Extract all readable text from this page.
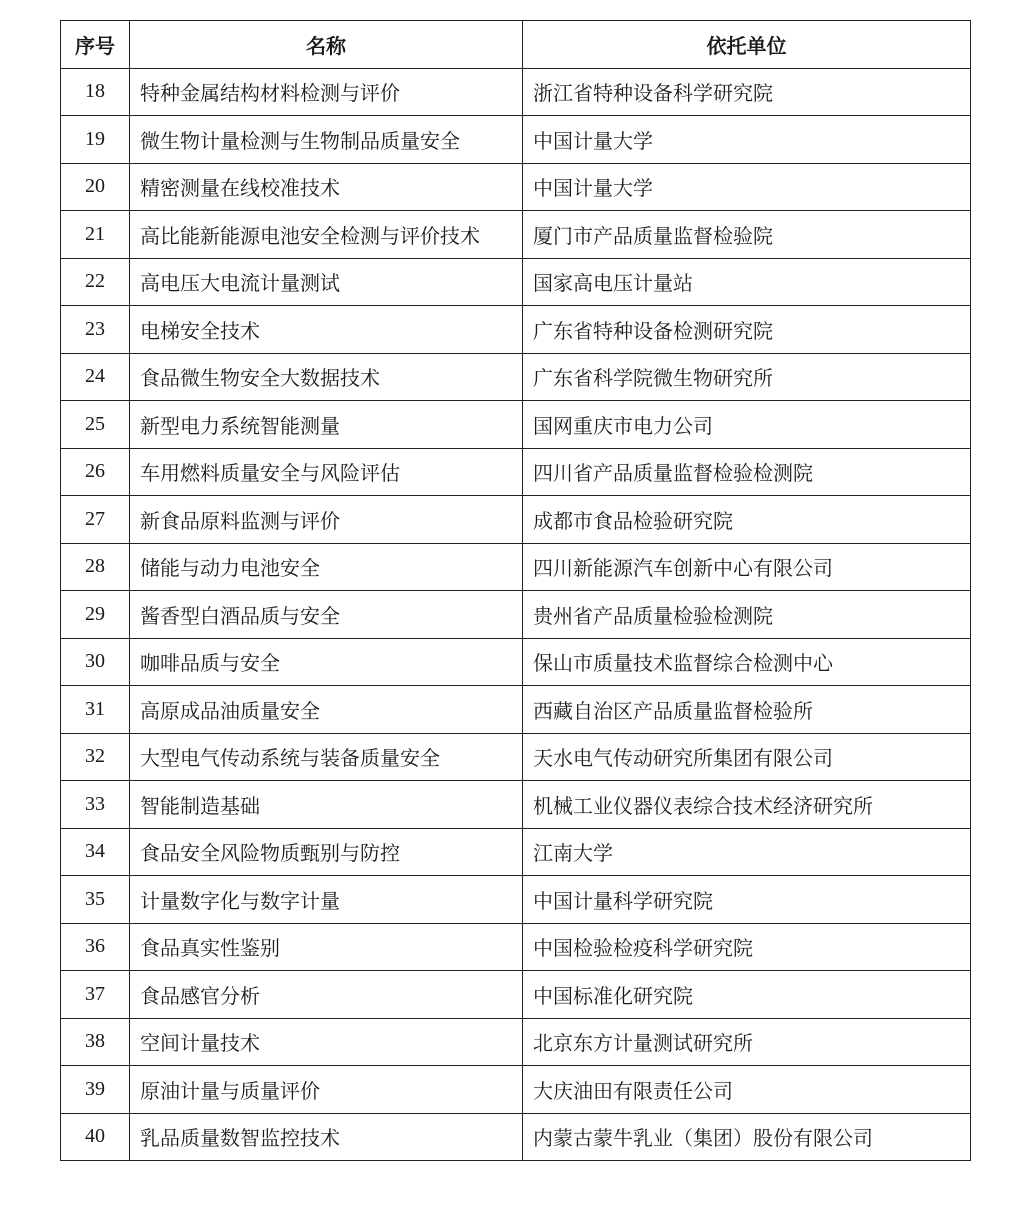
序号	名称	依托单位
18	特种金属结构材料检测与评价	浙江省特种设备科学研究院
19	微生物计量检测与生物制品质量安全	中国计量大学
20	精密测量在线校准技术	中国计量大学
21	高比能新能源电池安全检测与评价技术	厦门市产品质量监督检验院
22	高电压大电流计量测试	国家高电压计量站
23	电梯安全技术	广东省特种设备检测研究院
24	食品微生物安全大数据技术	广东省科学院微生物研究所
25	新型电力系统智能测量	国网重庆市电力公司
26	车用燃料质量安全与风险评估	四川省产品质量监督检验检测院
27	新食品原料监测与评价	成都市食品检验研究院
28	储能与动力电池安全	四川新能源汽车创新中心有限公司
29	酱香型白酒品质与安全	贵州省产品质量检验检测院
30	咖啡品质与安全	保山市质量技术监督综合检测中心
31	高原成品油质量安全	西藏自治区产品质量监督检验所
32	大型电气传动系统与装备质量安全	天水电气传动研究所集团有限公司
33	智能制造基础	机械工业仪器仪表综合技术经济研究所
34	食品安全风险物质甄别与防控	江南大学
35	计量数字化与数字计量	中国计量科学研究院
36	食品真实性鉴别	中国检验检疫科学研究院
37	食品感官分析	中国标准化研究院
38	空间计量技术	北京东方计量测试研究所
39	原油计量与质量评价	大庆油田有限责任公司
40	乳品质量数智监控技术	内蒙古蒙牛乳业（集团）股份有限公司
